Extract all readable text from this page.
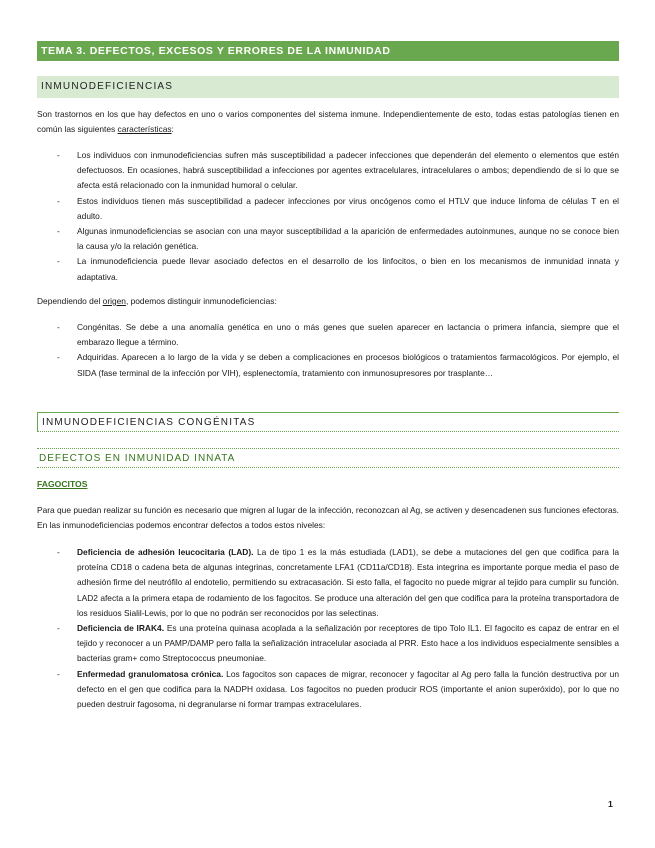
TEMA 3. DEFECTOS, EXCESOS Y ERRORES DE LA INMUNIDAD
INMUNODEFICIENCIAS
Son trastornos en los que hay defectos en uno o varios componentes del sistema inmune. Independientemente de esto, todas estas patologías tienen en común las siguientes características:
- Los individuos con inmunodeficiencias sufren más susceptibilidad a padecer infecciones que dependerán del elemento o elementos que estén defectuosos. En ocasiones, habrá susceptibilidad a infecciones por agentes extracelulares, intracelulares o ambos; dependiendo de si lo que se afecta está relacionado con la inmunidad humoral o celular.
- Estos individuos tienen más susceptibilidad a padecer infecciones por virus oncógenos como el HTLV que induce linfoma de células T en el adulto.
- Algunas inmunodeficiencias se asocian con una mayor susceptibilidad a la aparición de enfermedades autoinmunes, aunque no se conoce bien la causa y/o la relación genética.
- La inmunodeficiencia puede llevar asociado defectos en el desarrollo de los linfocitos, o bien en los mecanismos de inmunidad innata y adaptativa.
Dependiendo del origen, podemos distinguir inmunodeficiencias:
- Congénitas. Se debe a una anomalía genética en uno o más genes que suelen aparecer en lactancia o primera infancia, siempre que el embarazo llegue a término.
- Adquiridas. Aparecen a lo largo de la vida y se deben a complicaciones en procesos biológicos o tratamientos farmacológicos. Por ejemplo, el SIDA (fase terminal de la infección por VIH), esplenectomía, tratamiento con inmunosupresores por trasplante…
INMUNODEFICIENCIAS CONGÉNITAS
DEFECTOS EN INMUNIDAD INNATA
FAGOCITOS
Para que puedan realizar su función es necesario que migren al lugar de la infección, reconozcan al Ag, se activen y desencadenen sus funciones efectoras. En las inmunodeficiencias podemos encontrar defectos a todos estos niveles:
- Deficiencia de adhesión leucocitaria (LAD). La de tipo 1 es la más estudiada (LAD1), se debe a mutaciones del gen que codifica para la proteína CD18 o cadena beta de algunas integrinas, concretamente LFA1 (CD11a/CD18). Esta integrina es importante porque media el paso de adhesión firme del neutrófilo al endotelio, permitiendo su extracasación. Si esto falla, el fagocito no puede migrar al tejido para cumplir su función. LAD2 afecta a la primera etapa de rodamiento de los fagocitos. Se produce una alteración del gen que codifica para la proteína transportadora de los residuos Sialil-Lewis, por lo que no podrán ser reconocidos por las selectinas.
- Deficiencia de IRAK4. Es una proteína quinasa acoplada a la señalización por receptores de tipo Tolo IL1. El fagocito es capaz de entrar en el tejido y reconocer a un PAMP/DAMP pero falla la señalización intracelular asociada al PRR. Esto hace a los individuos especialmente sensibles a bacterias gram+ como Streptococcus pneumoniae.
- Enfermedad granulomatosa crónica. Los fagocitos son capaces de migrar, reconocer y fagocitar al Ag pero falla la función destructiva por un defecto en el gen que codifica para la NADPH oxidasa. Los fagocitos no pueden producir ROS (importante el anion superóxido), por lo que no pueden destruir fagosoma, ni degranularse ni formar trampas extracelulares.
1
